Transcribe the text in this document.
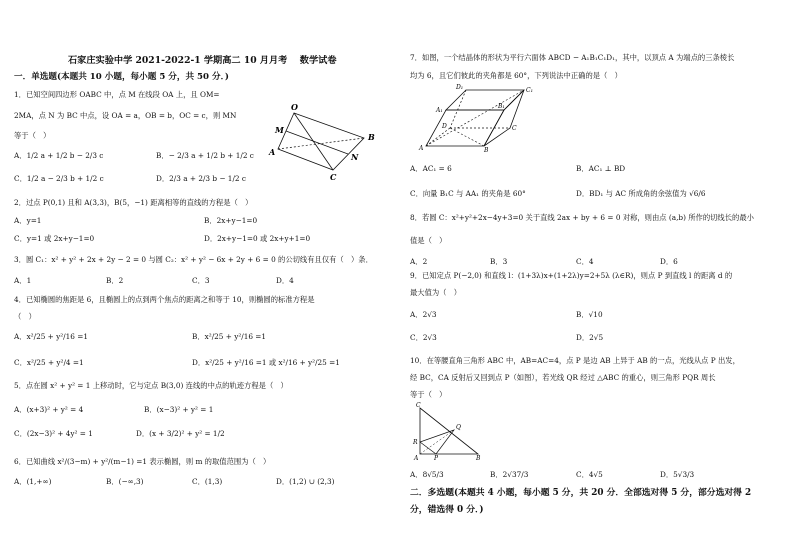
石家庄实验中学 2021-2022-1 学期高二 10 月月考　 数学试卷
一．单选题(本题共 10 小题，每小题 5 分，共 50 分．)
1．已知空间四边形 OABC 中，点 M 在线段 OA 上，且 OM=
2MA，点 N 为 BC 中点，设 OA = a，OB = b，OC = c，则 MN
等于（　）
A．1/2 a + 1/2 b − 2/3 c	B．− 2/3 a + 1/2 b + 1/2 c
C．1/2 a − 2/3 b + 1/2 c	D．2/3 a + 2/3 b − 1/2 c
O
M
A
B
N
C
2．过点 P(0,1) 且和 A(3,3)，B(5，−1) 距离相等的直线的方程是（　）
A．y=1	B．2x+y−1=0
C．y=1 或 2x+y−1=0	D．2x+y−1=0 或 2x+y+1=0
3．圆 C₁：x² + y² + 2x + 2y − 2 = 0 与圆 C₂：x² + y² − 6x + 2y + 6 = 0 的公切线有且仅有（　）条．
A．1	B．2	C．3	D．4
4．已知椭圆的焦距是 6，且椭圆上的点到两个焦点的距离之和等于 10，则椭圆的标准方程是
（　）
A．x²/25 + y²/16 =1	B．x²/25 + y²/16 =1
C．x²/25 + y²/4 =1	D．x²/25 + y²/16 =1 或 x²/16 + y²/25 =1
5．点在圆 x² + y² = 1 上移动时，它与定点 B(3,0) 连线的中点的轨迹方程是（　）
A．(x+3)² + y² = 4	B．(x−3)² + y² = 1
C．(2x−3)² + 4y² = 1	D．(x + 3/2)² + y² = 1/2
6．已知曲线 x²/(3−m) + y²/(m−1) =1 表示椭圆，则 m 的取值范围为（　）
A．(1,+∞)	B．(−∞,3)	C．(1,3)	D．(1,2) ∪ (2,3)
7．如图，一个结晶体的形状为平行六面体 ABCD − A₁B₁C₁D₁，其中，以顶点 A 为端点的三条棱长
均为 6，且它们彼此的夹角都是 60°，下列说法中正确的是（　）
D₁	C₁
A₁
B₁
D	C
A	B
A．AC₁ = 6	B．AC₁ ⊥ BD
C．向量 B₁C 与 AA₁ 的夹角是 60°	D．BD₁ 与 AC 所成角的余弦值为 √6/6
8．若圆 C：x²+y²+2x−4y+3=0 关于直线 2ax + by + 6 = 0 对称，则由点 (a,b) 所作的切线长的最小
值是（　）
A．2	B．3	C．4	D．6
9．已知定点 P(−2,0) 和直线 l：(1+3λ)x+(1+2λ)y=2+5λ (λ∈R)，则点 P 到直线 l 的距离 d 的
最大值为（　）
A．2√3	B．√10
C．2√3	D．2√5
10．在等腰直角三角形 ABC 中，AB=AC=4，点 P 是边 AB 上异于 AB 的一点，光线从点 P 出发，
经 BC，CA 反射后又回到点 P（如图），若光线 QR 经过 △ABC 的重心，则三角形 PQR 周长
等于（　）
C
Q
R
A	P	B
A．8√5/3	B．2√37/3	C．4√5	D．5√3/3
二．多选题(本题共 4 小题，每小题 5 分，共 20 分．全部选对得 5 分，部分选对得 2
分，错选得 0 分．)
